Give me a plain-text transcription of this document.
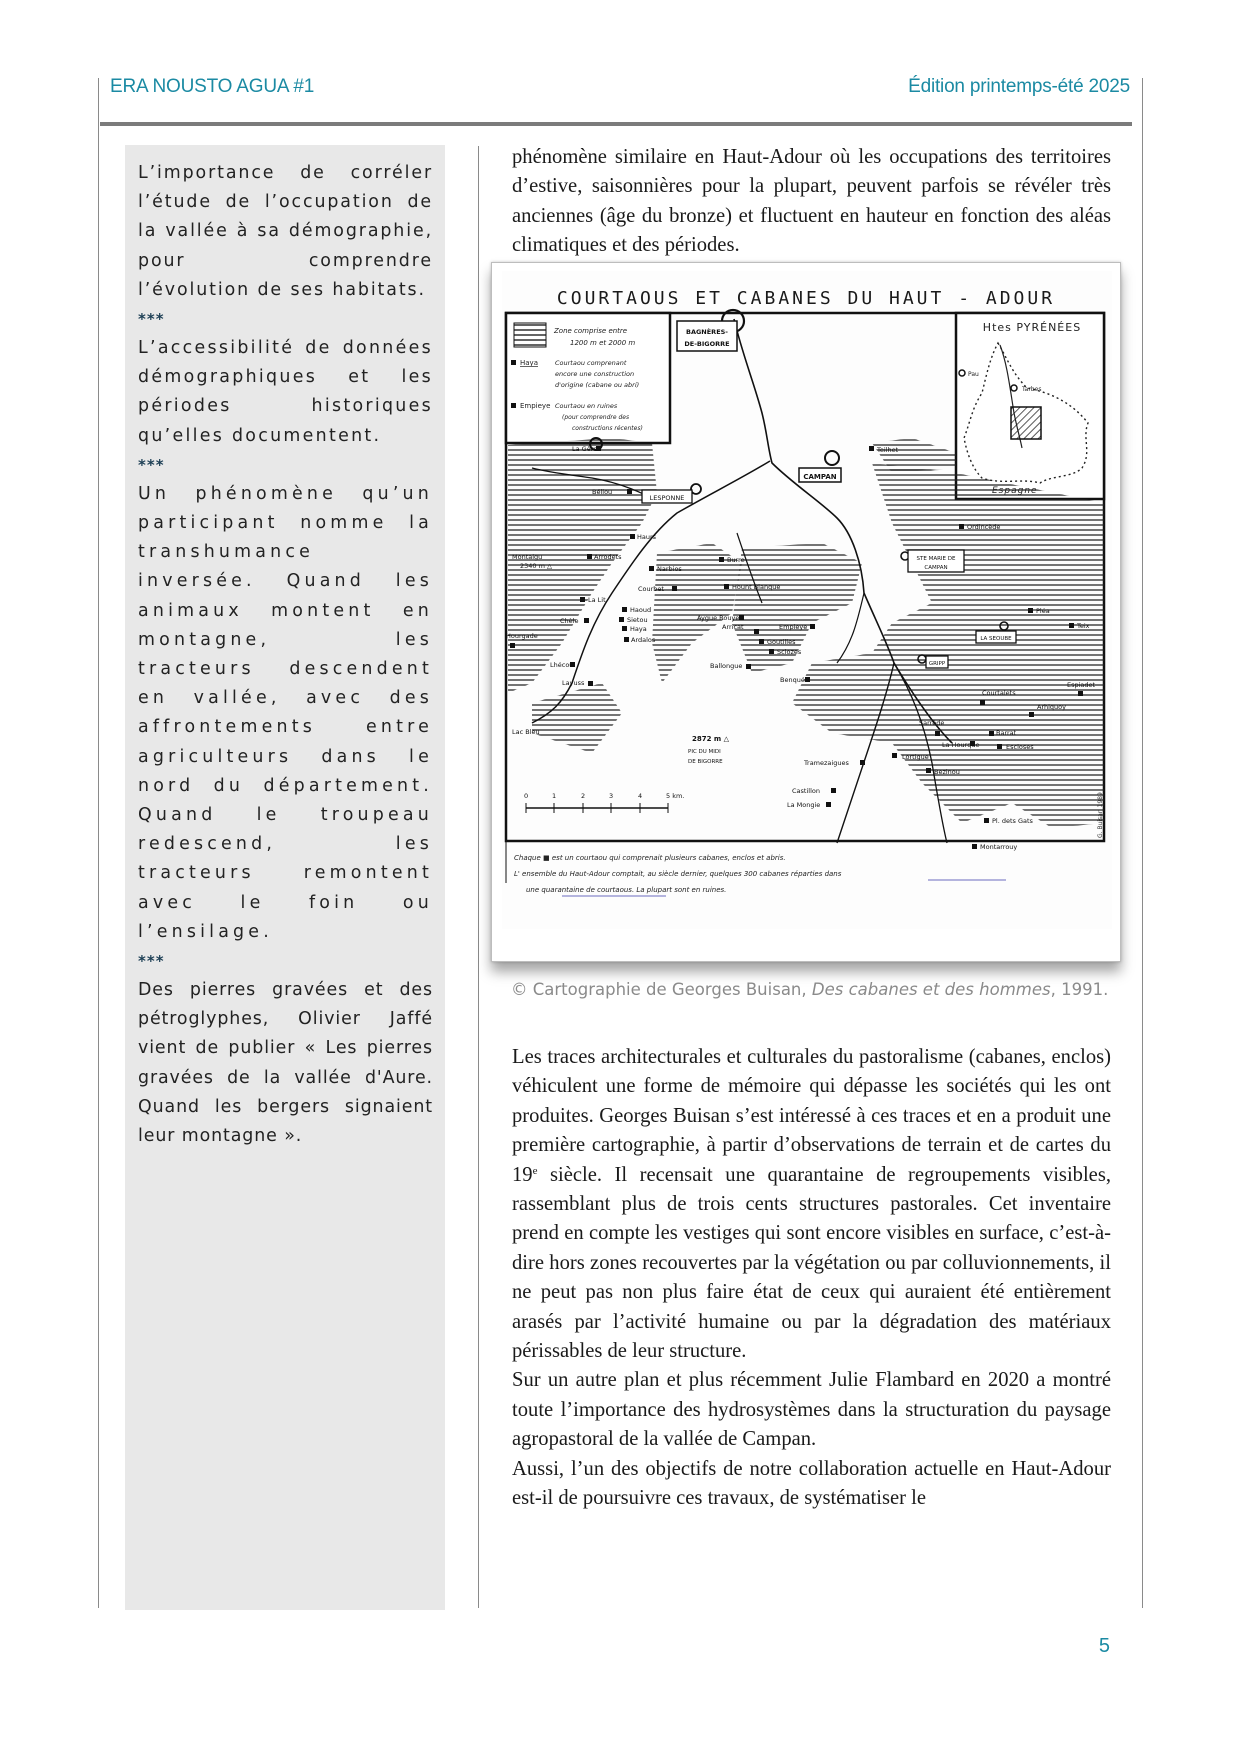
ERA NOUSTO AGUA #1	Édition printemps-été 2025

L’importance de corréler l’étude de l’occupation de la vallée à sa démographie, pour comprendre l’évolution de ses habitats.

***

L’accessibilité de données démographiques et les périodes historiques qu’elles documentent.

***

Un phénomène qu’un participant nomme la transhumance inversée. Quand les animaux montent en montagne, les tracteurs descendent en vallée, avec des affrontements entre agriculteurs dans le nord du département. Quand le troupeau redescend, les tracteurs remontent avec le foin ou l’ensilage.

***

Des pierres gravées et des pétroglyphes, Olivier Jaffé vient de publier « Les pierres gravées de la vallée d'Aure. Quand les bergers signaient leur montagne ».

phénomène similaire en Haut-Adour où les occupations des territoires d’estive, saisonnières pour la plupart, peuvent parfois se révéler très anciennes (âge du bronze) et fluctuent en hauteur en fonction des aléas climatiques et des périodes.

COURTAOUS ET CABANES DU HAUT - ADOUR
Zone comprise entre
1200 m et 2000 m
Haya	Courtaou comprenant
encore une construction
d'origine (cabane ou abri)
Empieye Courtaou en ruines
(pour comprendre des
constructions récentes)
Htes PYRÉNÉES
Pau
Tarbes
BAGNÈRES-
DE-BIGORRE
CAMPAN
LESPONNE
STE MARIE DE
CAMPAN
LA SEOUBE
GRIPP
La Gère
Béliou
Teilhet
Haurs
Arrodets
Montaigu
2340 m △	Narbios
Burre
Courbet	Hount Blanque
Ordincède
La Lit
Chèle
Haoud
Sietou
Haya
Ardalos
Aygue Rouye
Arricat	Empieye
Goutilles
Sclozes
Pléa
Teix
Hourgade
Lhécou	Ballongue
Benqué
Layuss
Lac Bleu
Espiadet
Courtalets
Arhiquoy
Sarrède
Barrat
La Hourque	Escloses
Lortigue
Tramezaigues
Bezinou
Castillon
La Mongie
Pl. dets Gats
Montarrouy
2872 m △
PIC DU MIDI
DE BIGORRE
0	1	2	3	4	5 km.	G. Buisan 1989
Chaque ■ est un courtaou qui comprenait plusieurs cabanes, enclos et abris.
L' ensemble du Haut-Adour comptait, au siècle dernier, quelques 300 cabanes réparties dans
une quarantaine de courtaous. La plupart sont en ruines.
© Cartographie de Georges Buisan, Des cabanes et des hommes, 1991.

Les traces architecturales et culturales du pastoralisme (cabanes, enclos) véhiculent une forme de mémoire qui dépasse les sociétés qui les ont produites. Georges Buisan s’est intéressé à ces traces et en a produit une première cartographie, à partir d’observations de terrain et de cartes du 19e siècle. Il recensait une quarantaine de regroupements visibles, rassemblant plus de trois cents structures pastorales. Cet inventaire prend en compte les vestiges qui sont encore visibles en surface, c’est-à-dire hors zones recouvertes par la végétation ou par colluvionnements, il ne peut pas non plus faire état de ceux qui auraient été entièrement arasés par l’activité humaine ou par la dégradation des matériaux périssables de leur structure.

Sur un autre plan et plus récemment Julie Flambard en 2020 a montré toute l’importance des hydrosystèmes dans la structuration du paysage agropastoral de la vallée de Campan.

Aussi, l’un des objectifs de notre collaboration actuelle en Haut-Adour est-il de poursuivre ces travaux, de systématiser le

5
